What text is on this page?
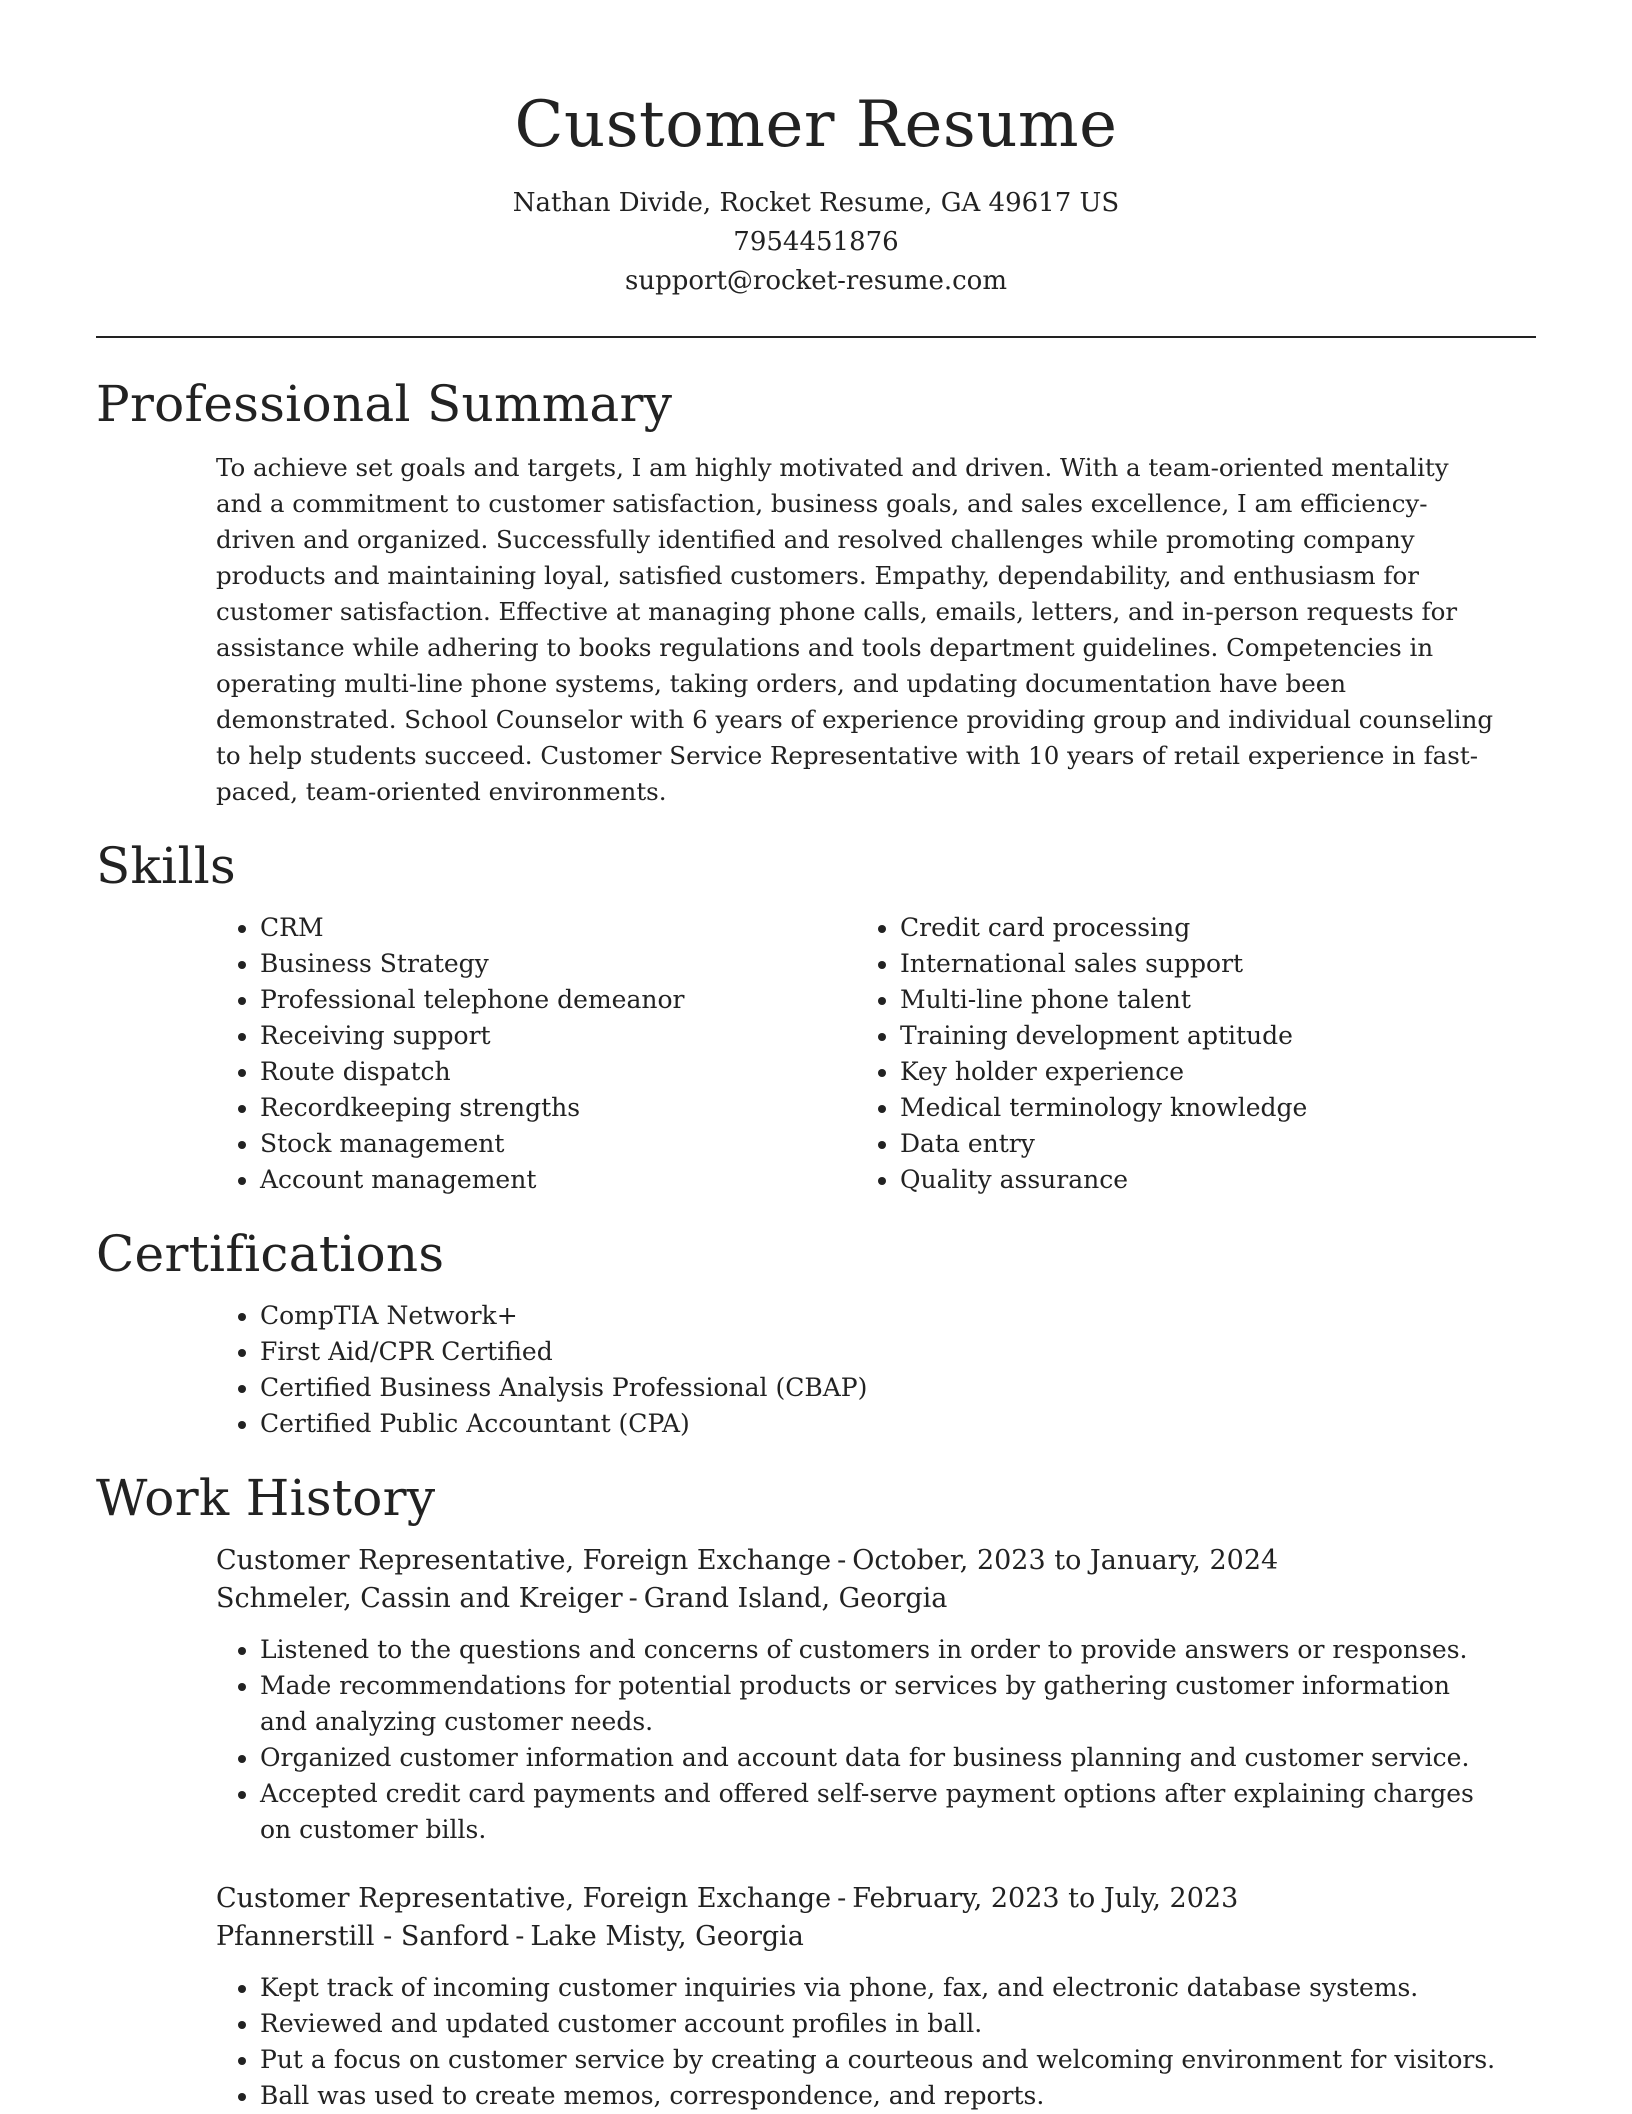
Customer Resume
Nathan Divide, Rocket Resume, GA 49617 US
7954451876
support@rocket-resume.com
Professional Summary

To achieve set goals and targets, I am highly motivated and driven. With a team-oriented mentality and a commitment to customer satisfaction, business goals, and sales excellence, I am efficiency-driven and organized. Successfully identified and resolved challenges while promoting company products and maintaining loyal, satisfied customers. Empathy, dependability, and enthusiasm for customer satisfaction. Effective at managing phone calls, emails, letters, and in-person requests for assistance while adhering to books regulations and tools department guidelines. Competencies in operating multi-line phone systems, taking orders, and updating documentation have been demonstrated. School Counselor with 6 years of experience providing group and individual counseling to help students succeed. Customer Service Representative with 10 years of retail experience in fast-paced, team-oriented environments.

Skills
• CRM
• Business Strategy
• Professional telephone demeanor
• Receiving support
• Route dispatch
• Recordkeeping strengths
• Stock management
• Account management
• Credit card processing
• International sales support
• Multi-line phone talent
• Training development aptitude
• Key holder experience
• Medical terminology knowledge
• Data entry
• Quality assurance
Certifications
• CompTIA Network+
• First Aid/CPR Certified
• Certified Business Analysis Professional (CBAP)
• Certified Public Accountant (CPA)
Work History
Customer Representative, Foreign Exchange - October, 2023 to January, 2024
Schmeler, Cassin and Kreiger - Grand Island, Georgia
• Listened to the questions and concerns of customers in order to provide answers or responses.
• Made recommendations for potential products or services by gathering customer information and analyzing customer needs.
• Organized customer information and account data for business planning and customer service.
• Accepted credit card payments and offered self-serve payment options after explaining charges on customer bills.
Customer Representative, Foreign Exchange - February, 2023 to July, 2023
Pfannerstill - Sanford - Lake Misty, Georgia
• Kept track of incoming customer inquiries via phone, fax, and electronic database systems.
• Reviewed and updated customer account profiles in ball.
• Put a focus on customer service by creating a courteous and welcoming environment for visitors.
• Ball was used to create memos, correspondence, and reports.
